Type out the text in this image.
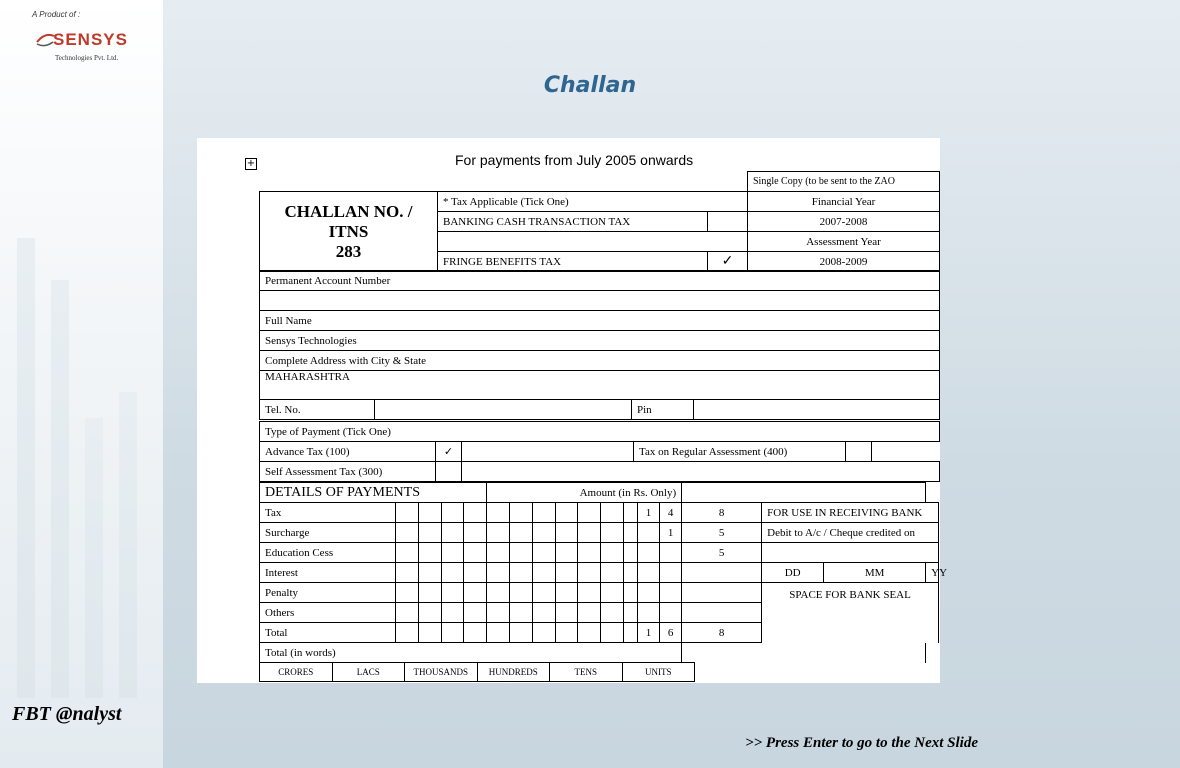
A Product of :
SENSYS
Technologies Pvt. Ltd.
Challan
+	For payments from July 2005 onwards
			Single Copy (to be sent to the ZAO

CHALLAN NO. /
ITNS
283	* Tax Applicable (Tick One)		Financial Year
	BANKING CASH TRANSACTION TAX		2007-2008
			Assessment Year
	FRINGE BENEFITS TAX	✓	2008-2009
Permanent Account Number

Full Name
Sensys Technologies
Complete Address with City & State
MAHARASHTRA
Tel. No.		Pin	
Type of Payment (Tick One)					
Advance Tax (100)	✓		Tax on Regular Assessment (400)		
Self Assessment Tax (300)					
DETAILS OF PAYMENTS					Amount (in Rs. Only)												
Tax												1	4	8	FOR USE IN RECEIVING BANK		
Surcharge													1	5	Debit to A/c / Cheque credited on		
Education Cess														5			
Interest															DD	MM	YY
Penalty															SPACE FOR BANK SEAL		
Others																	
Total												1	6	8			
Total (in words)																	
CRORES	LACS	THOUSANDS	HUNDREDS	TENS	UNITS
FBT @nalyst
>> Press Enter to go to the Next Slide
